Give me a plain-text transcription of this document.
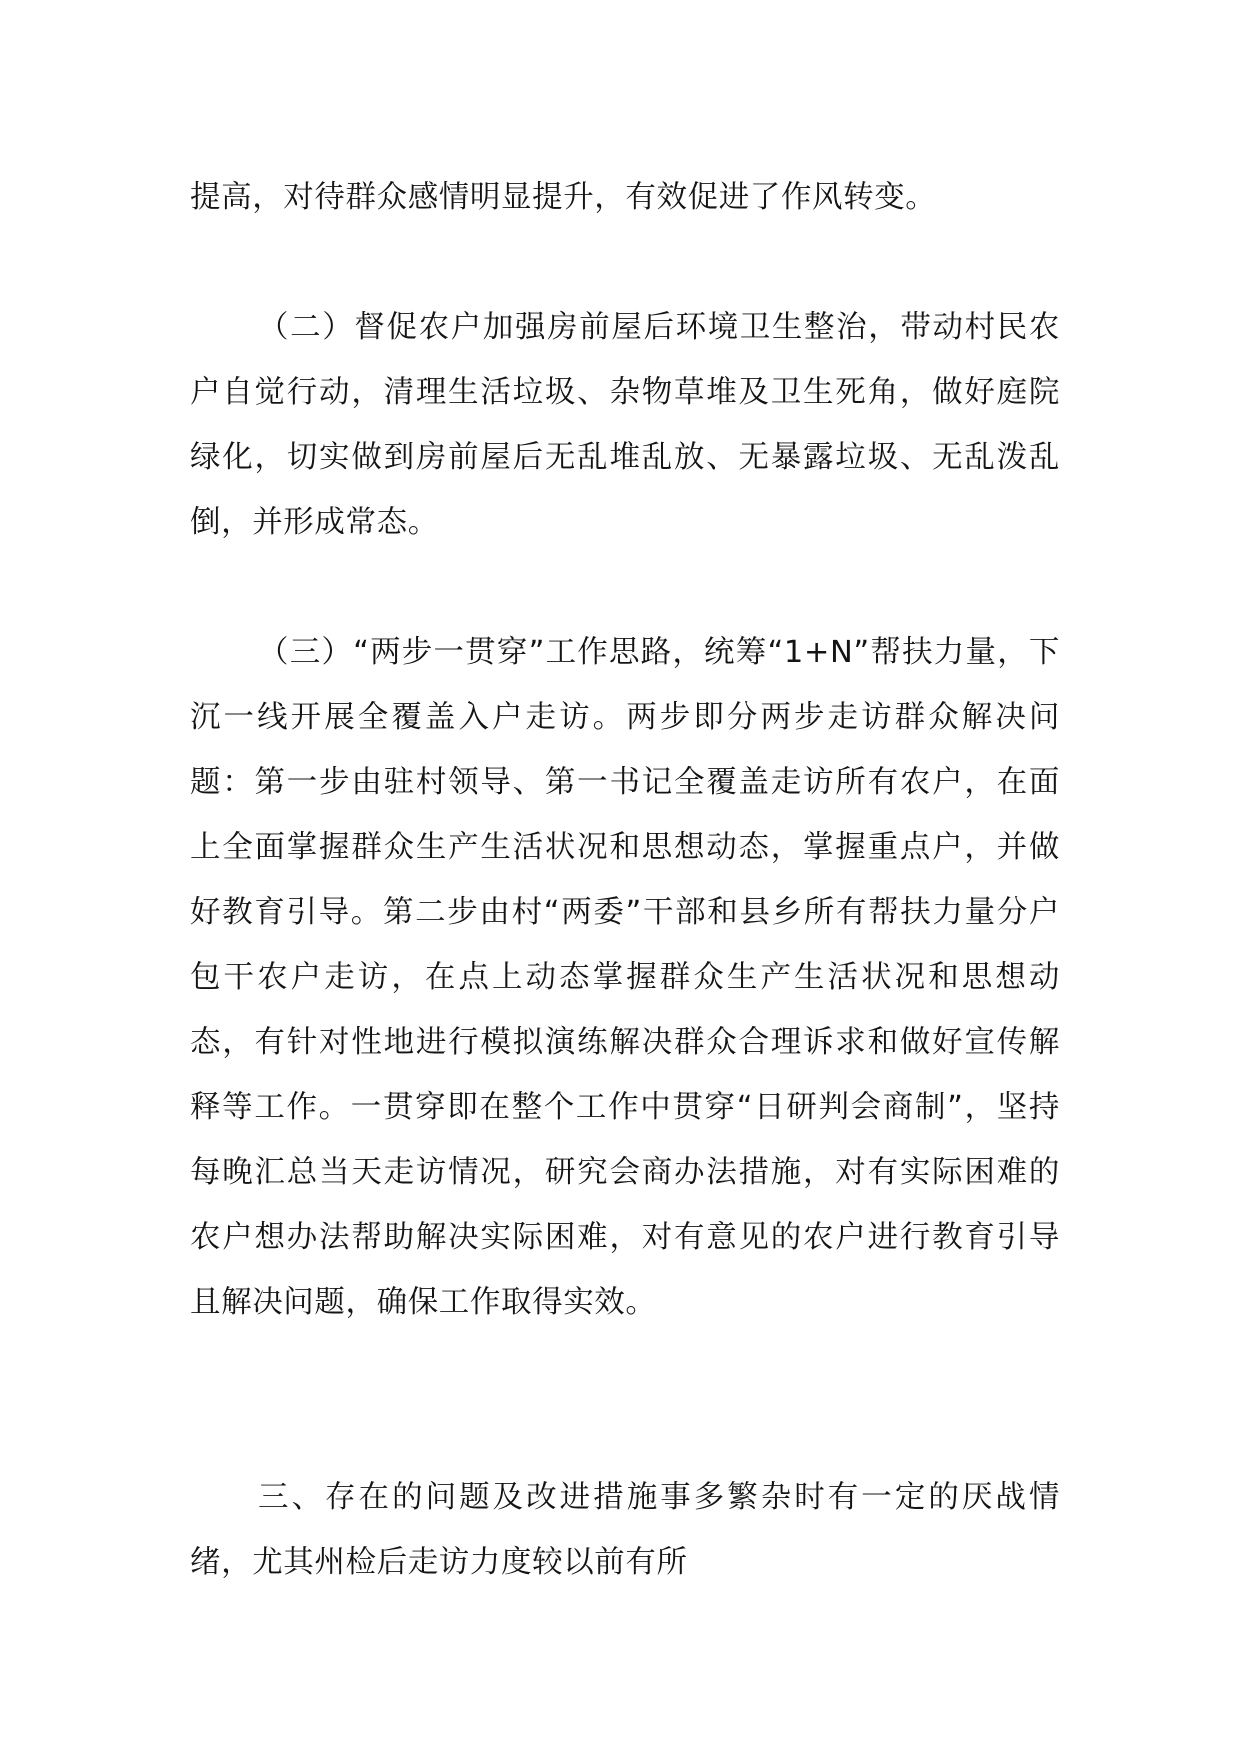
提高，对待群众感情明显提升，有效促进了作风转变。

（二）督促农户加强房前屋后环境卫生整治，带动村民农户自觉行动，清理生活垃圾、杂物草堆及卫生死角，做好庭院绿化，切实做到房前屋后无乱堆乱放、无暴露垃圾、无乱泼乱倒，并形成常态。

（三）“两步一贯穿”工作思路，统筹“1+N”帮扶力量，下沉一线开展全覆盖入户走访。两步即分两步走访群众解决问题：第一步由驻村领导、第一书记全覆盖走访所有农户，在面上全面掌握群众生产生活状况和思想动态，掌握重点户，并做好教育引导。第二步由村“两委”干部和县乡所有帮扶力量分户包干农户走访，在点上动态掌握群众生产生活状况和思想动态，有针对性地进行模拟演练解决群众合理诉求和做好宣传解释等工作。一贯穿即在整个工作中贯穿“日研判会商制”，坚持每晚汇总当天走访情况，研究会商办法措施，对有实际困难的农户想办法帮助解决实际困难，对有意见的农户进行教育引导且解决问题，确保工作取得实效。

三、存在的问题及改进措施事多繁杂时有一定的厌战情绪，尤其州检后走访力度较以前有所
